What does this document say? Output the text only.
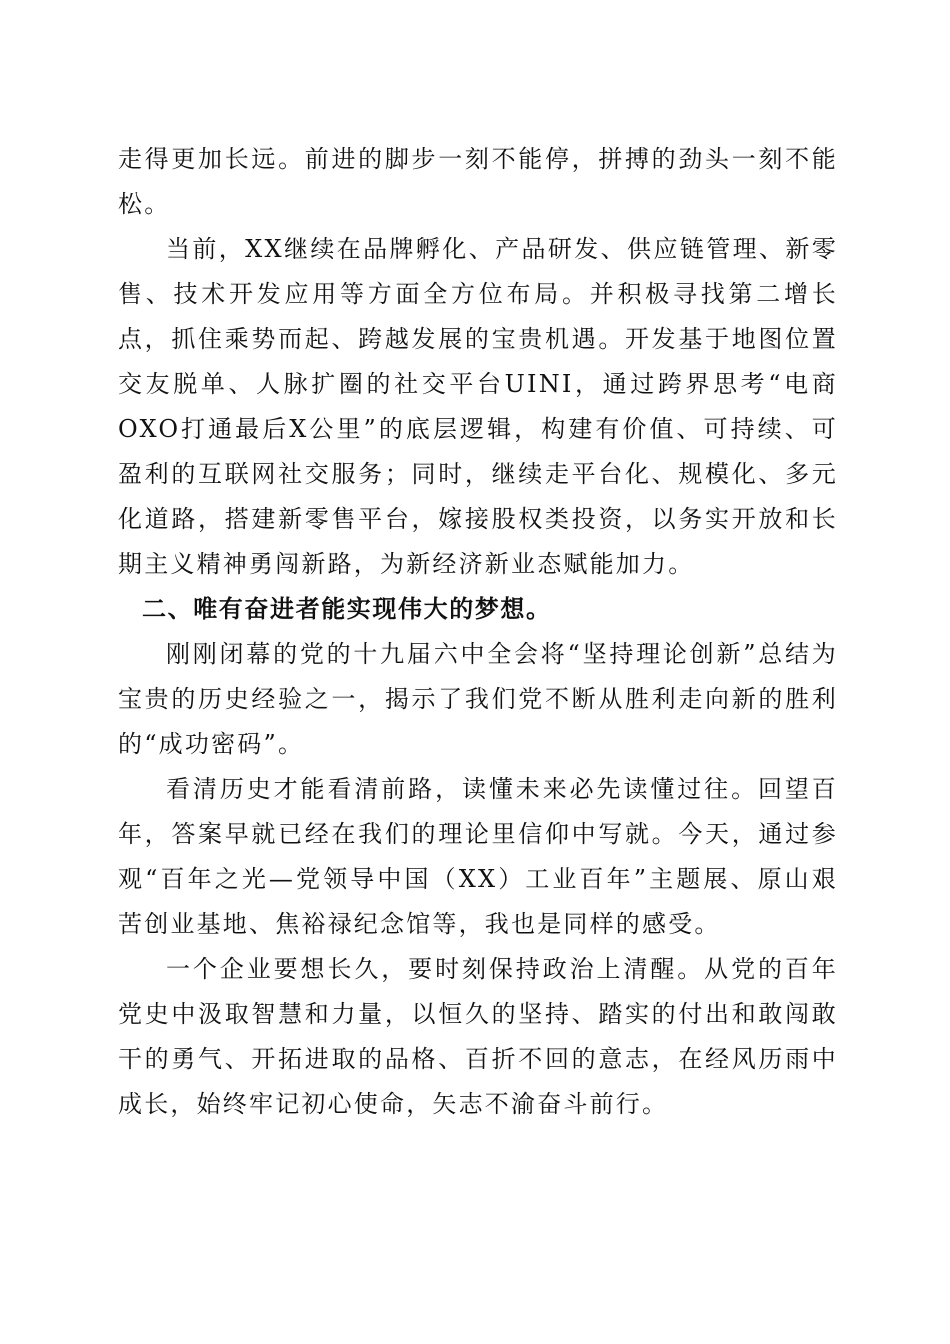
走得更加长远。前进的脚步一刻不能停，拼搏的劲头一刻不能松。

当前，XX继续在品牌孵化、产品研发、供应链管理、新零售、技术开发应用等方面全方位布局。并积极寻找第二增长点，抓住乘势而起、跨越发展的宝贵机遇。开发基于地图位置交友脱单、人脉扩圈的社交平台UINI，通过跨界思考“电商OXO打通最后X公里”的底层逻辑，构建有价值、可持续、可盈利的互联网社交服务；同时，继续走平台化、规模化、多元化道路，搭建新零售平台，嫁接股权类投资，以务实开放和长期主义精神勇闯新路，为新经济新业态赋能加力。

二、唯有奋进者能实现伟大的梦想。

刚刚闭幕的党的十九届六中全会将“坚持理论创新”总结为宝贵的历史经验之一，揭示了我们党不断从胜利走向新的胜利的“成功密码”。

看清历史才能看清前路，读懂未来必先读懂过往。回望百年，答案早就已经在我们的理论里信仰中写就。今天，通过参观“百年之光—党领导中国（XX）工业百年”主题展、原山艰苦创业基地、焦裕禄纪念馆等，我也是同样的感受。

一个企业要想长久，要时刻保持政治上清醒。从党的百年党史中汲取智慧和力量，以恒久的坚持、踏实的付出和敢闯敢干的勇气、开拓进取的品格、百折不回的意志，在经风历雨中成长，始终牢记初心使命，矢志不渝奋斗前行。
